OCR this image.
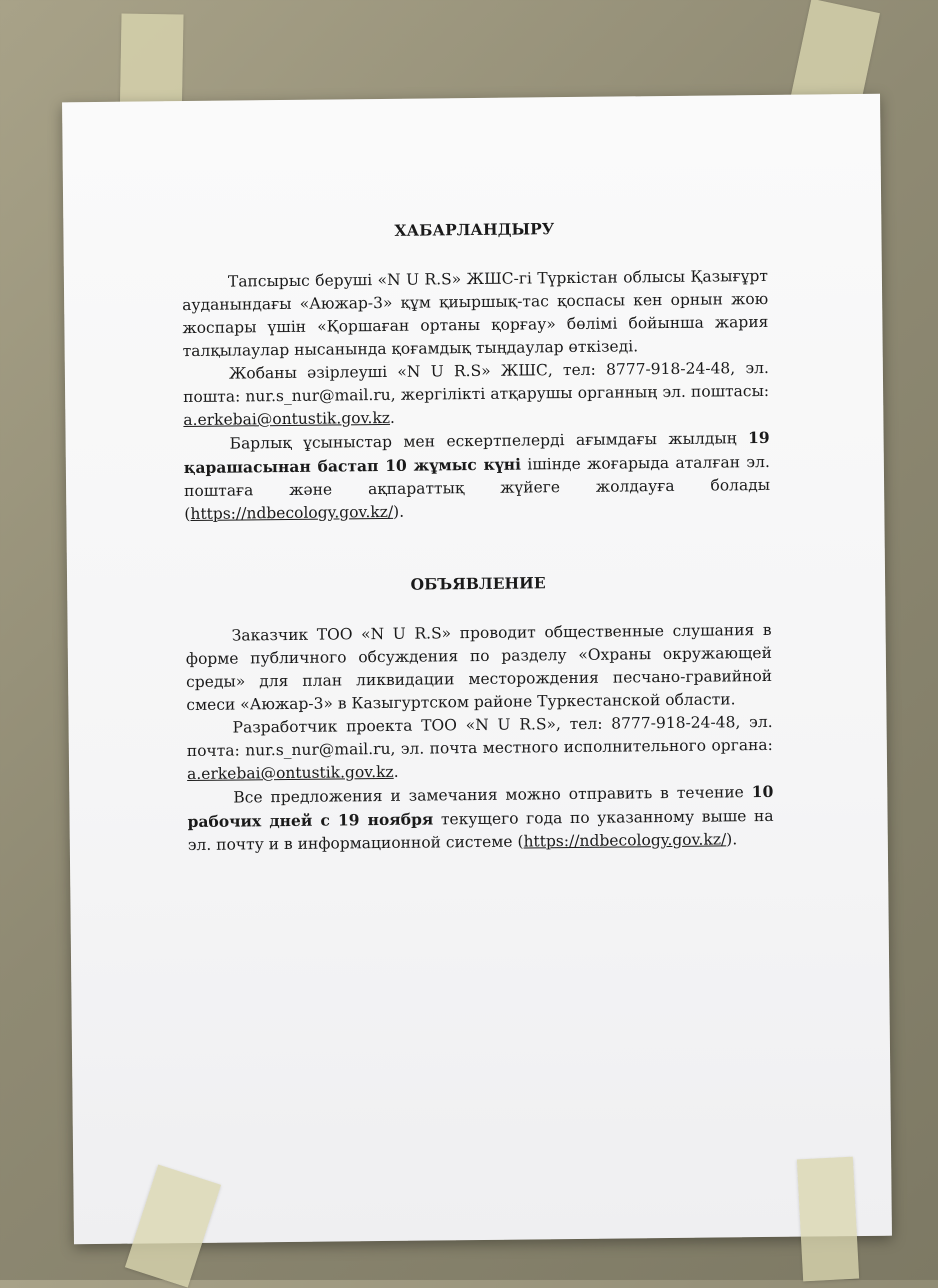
ХАБАРЛАНДЫРУ

Тапсырыс беруші «N U R.S» ЖШС-гі Түркістан облысы Қазығұрт ауданындағы «Аюжар-3» құм қиыршық-тас қоспасы кен орнын жою жоспары үшін «Қоршаған ортаны қорғау» бөлімі бойынша жария талқылаулар нысанында қоғамдық тыңдаулар өткізеді.

Жобаны әзірлеуші «N U R.S» ЖШС, тел: 8777-918-24-48, эл. пошта: nur.s_nur@mail.ru, жергілікті атқарушы органның эл. поштасы: a.erkebai@ontustik.gov.kz.

Барлық ұсыныстар мен ескертпелерді ағымдағы жылдың 19 қарашасынан бастап 10 жұмыс күні ішінде жоғарыда аталған эл. поштаға және ақпараттық жүйеге жолдауға болады (https://ndbecology.gov.kz/).

ОБЪЯВЛЕНИЕ

Заказчик ТОО «N U R.S» проводит общественные слушания в форме публичного обсуждения по разделу «Охраны окружающей среды» для план ликвидации месторождения песчано-гравийной смеси «Аюжар-3» в Казыгуртском районе Туркестанской области.

Разработчик проекта ТОО «N U R.S», тел: 8777-918-24-48, эл. почта: nur.s_nur@mail.ru, эл. почта местного исполнительного органа: a.erkebai@ontustik.gov.kz.

Все предложения и замечания можно отправить в течение 10 рабочих дней с 19 ноября текущего года по указанному выше на эл. почту и в информационной системе (https://ndbecology.gov.kz/).
